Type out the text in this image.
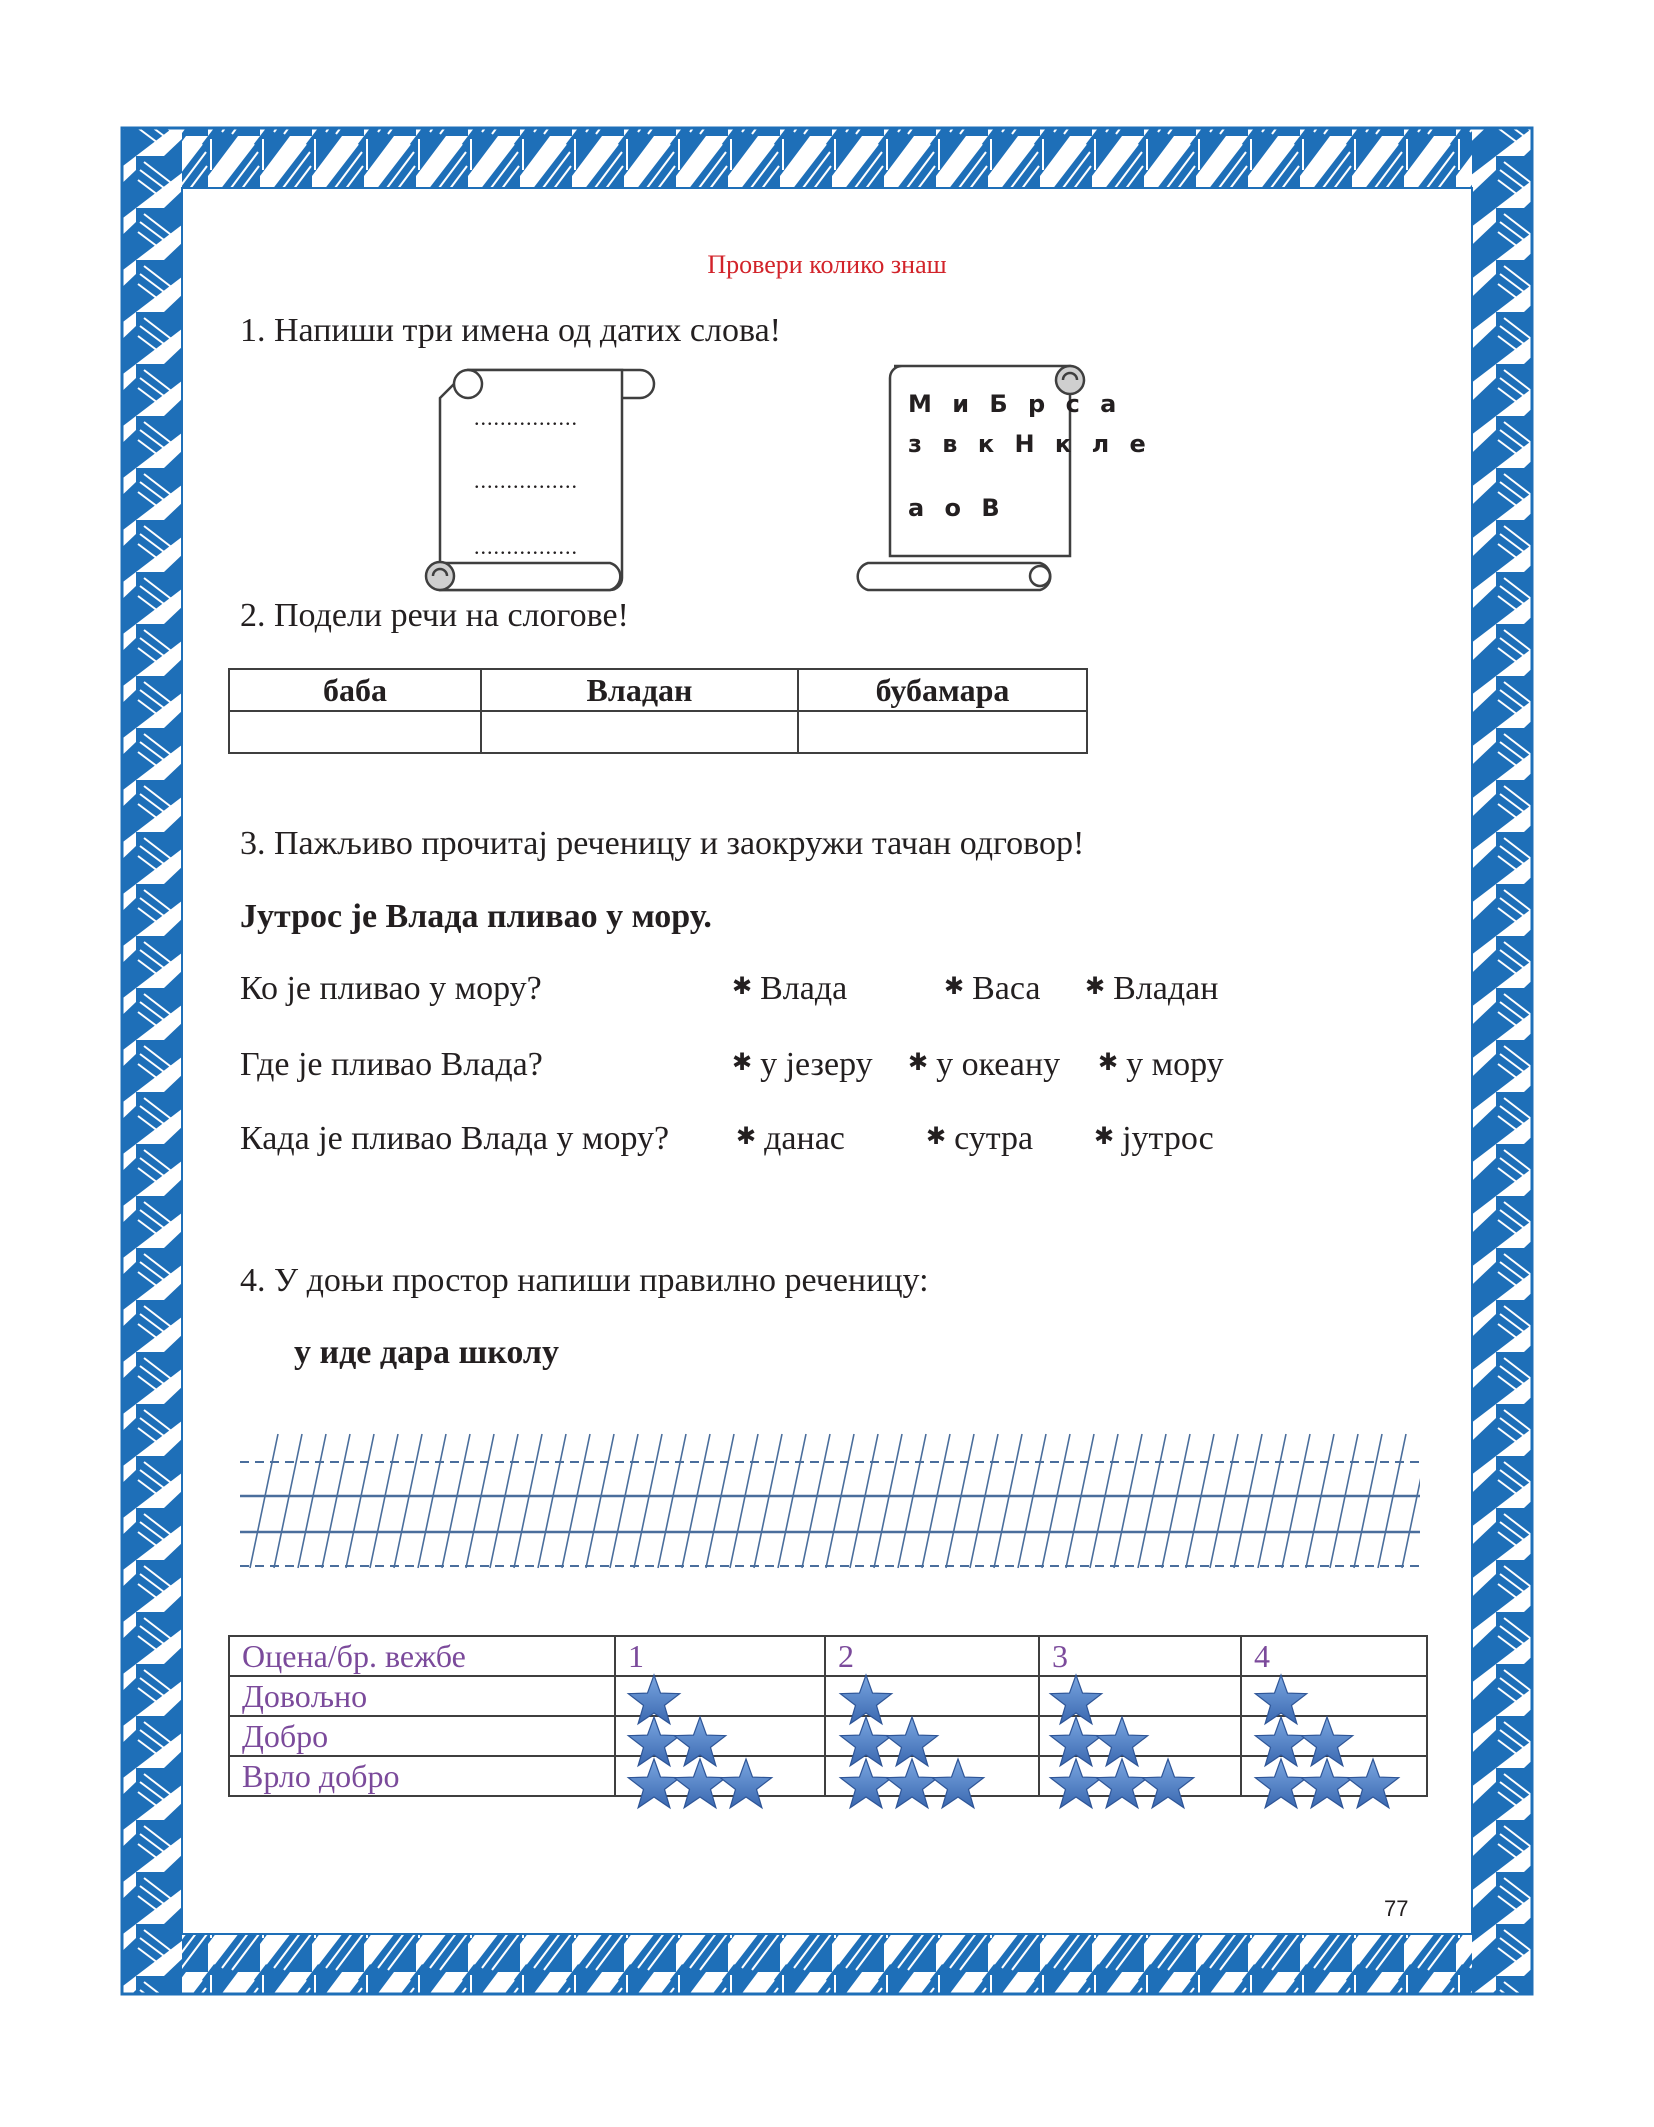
Провери колико знаш
1. Напиши три имена од датих слова!
................
................
................
М и Б р с а
з в к Н к л е
а о В
2. Подели речи на слогове!
баба	Владан	бубамара

3. Пажљиво прочитај реченицу и заокружи тачан одговор!
Јутрос је Влада пливао у мору.
Ко је пливао у мору?	✱ Влада	✱ Васа ✱ Владан
Где је пливао Влада?	✱ у језеру ✱ у океану ✱ у мору
Када је пливао Влада у мору?	✱ данас	✱ сутра	✱ јутрос
4. У доњи простор напиши правилно реченицу:
у иде дара школу
Оцена/бр. вежбе	1	2	3	4
Довољно				
Добро				
Врло добро				
77
